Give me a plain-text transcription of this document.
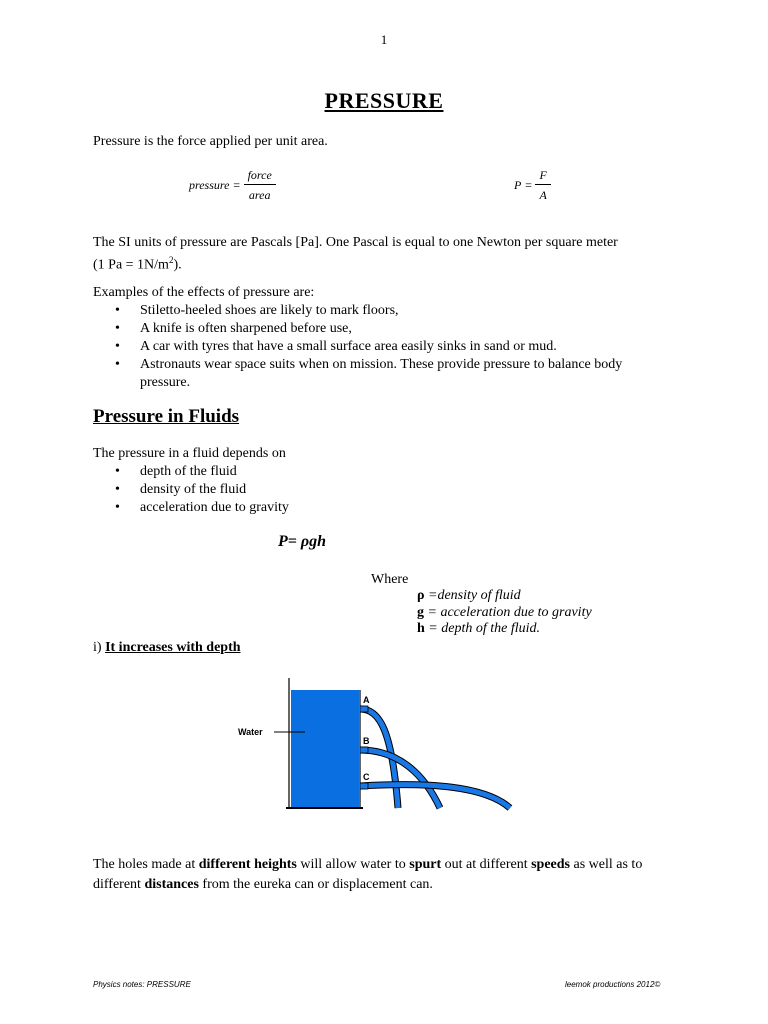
1
PRESSURE
Pressure is the force applied per unit area.
pressure = $\frac{\text{force}}{\text{area}}$	$P = \frac{F}{A}$
The SI units of pressure are Pascals [Pa]. One Pascal is equal to one Newton per square meter
(1 $Pa = 1N/m^2$).
Examples of the effects of pressure are:
• Stiletto-heeled shoes are likely to mark floors,
• A knife is often sharpened before use,
• A car with tyres that have a small surface area easily sinks in sand or mud.
• Astronauts wear space suits when on mission. These provide pressure to balance body
pressure.
Pressure in Fluids
The pressure in a fluid depends on
• depth of the fluid
• density of the fluid
• acceleration due to gravity
P= ρgh
Where
ρ =density of fluid
g = acceleration due to gravity
h = depth of the fluid.
i) It increases with depth
A
B
C
Water
The holes made at different heights will allow water to spurt out at different speeds as well as to different distances from the eureka can or displacement can.
Physics notes: PRESSURE	leemok productions 2012©
